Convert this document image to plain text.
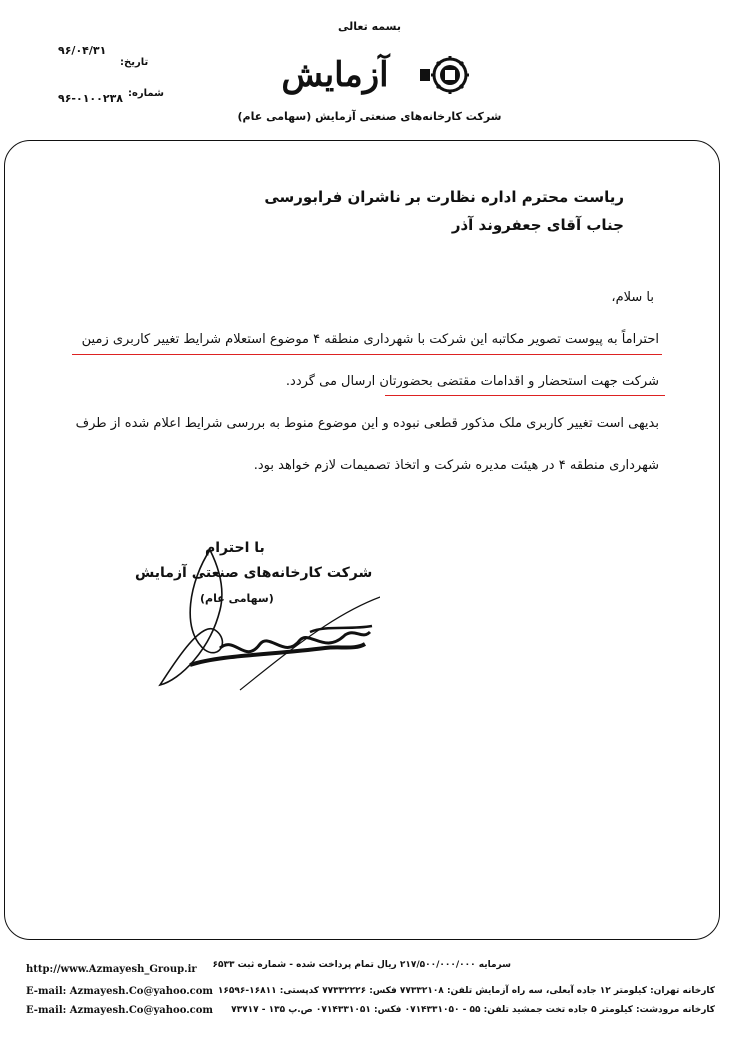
بسمه تعالی
تاریخ:
۹۶/۰۴/۳۱
شماره:
۹۶-۰۱۰۰۲۳۸
آزمایش
شرکت کارخانه‌های صنعتی آزمایش (سهامی عام)
ریاست محترم اداره نظارت بر ناشران فرابورسی
جناب آقای جعفروند آذر
با سلام،
احتراماً به پیوست تصویر مکاتبه این شرکت با شهرداری منطقه ۴ موضوع استعلام شرایط تغییر کاربری زمین
شرکت جهت استحضار و اقدامات مقتضی بحضورتان ارسال می گردد.
بدیهی است تغییر کاربری ملک مذکور قطعی نبوده و این موضوع منوط به بررسی شرایط اعلام شده از طرف
شهرداری منطقه ۴ در هیئت مدیره شرکت و اتخاذ تصمیمات لازم خواهد بود.
با احترام
شرکت کارخانه‌های صنعتی آزمایش
(سهامی عام)
http://www.Azmayesh_Group.ir
E-mail: Azmayesh.Co@yahoo.com
E-mail: Azmayesh.Co@yahoo.com
سرمایه ۲۱۷/۵۰۰/۰۰۰/۰۰۰ ریال تمام پرداخت شده - شماره ثبت ۶۵۳۳
کارخانه تهران: کیلومتر ۱۲ جاده آبعلی، سه راه آزمایش تلفن: ۷۷۳۳۲۱۰۸ فکس: ۷۷۳۳۲۲۲۶ کدپستی: ۱۶۸۱۱-۱۶۵۹۶
کارخانه مرودشت: کیلومتر ۵ جاده تخت جمشید تلفن: ۵۵ - ۰۷۱۴۳۳۱۰۵۰ فکس: ۰۷۱۴۳۳۱۰۵۱ ص.پ ۱۳۵ - ۷۳۷۱۷
